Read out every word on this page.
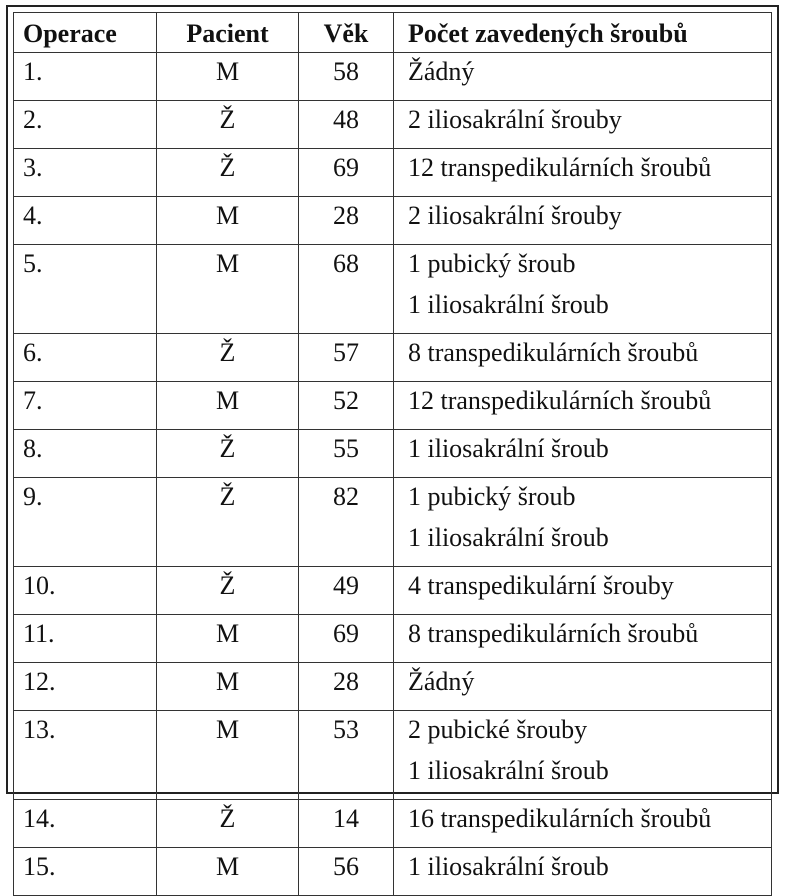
Operace	Pacient	Věk	Počet zavedených šroubů
1.	M	58	Žádný

2.	Ž	48	2 iliosakrální šrouby

3.	Ž	69	12 transpedikulárních šroubů

4.	M	28	2 iliosakrální šrouby

5.	M	68	1 pubický šroub
1 iliosakrální šroub

6.	Ž	57	8 transpedikulárních šroubů

7.	M	52	12 transpedikulárních šroubů

8.	Ž	55	1 iliosakrální šroub

9.	Ž	82	1 pubický šroub
1 iliosakrální šroub

10.	Ž	49	4 transpedikulární šrouby

11.	M	69	8 transpedikulárních šroubů

12.	M	28	Žádný

13.	M	53	2 pubické šrouby
1 iliosakrální šroub

14.	Ž	14	16 transpedikulárních šroubů

15.	M	56	1 iliosakrální šroub
